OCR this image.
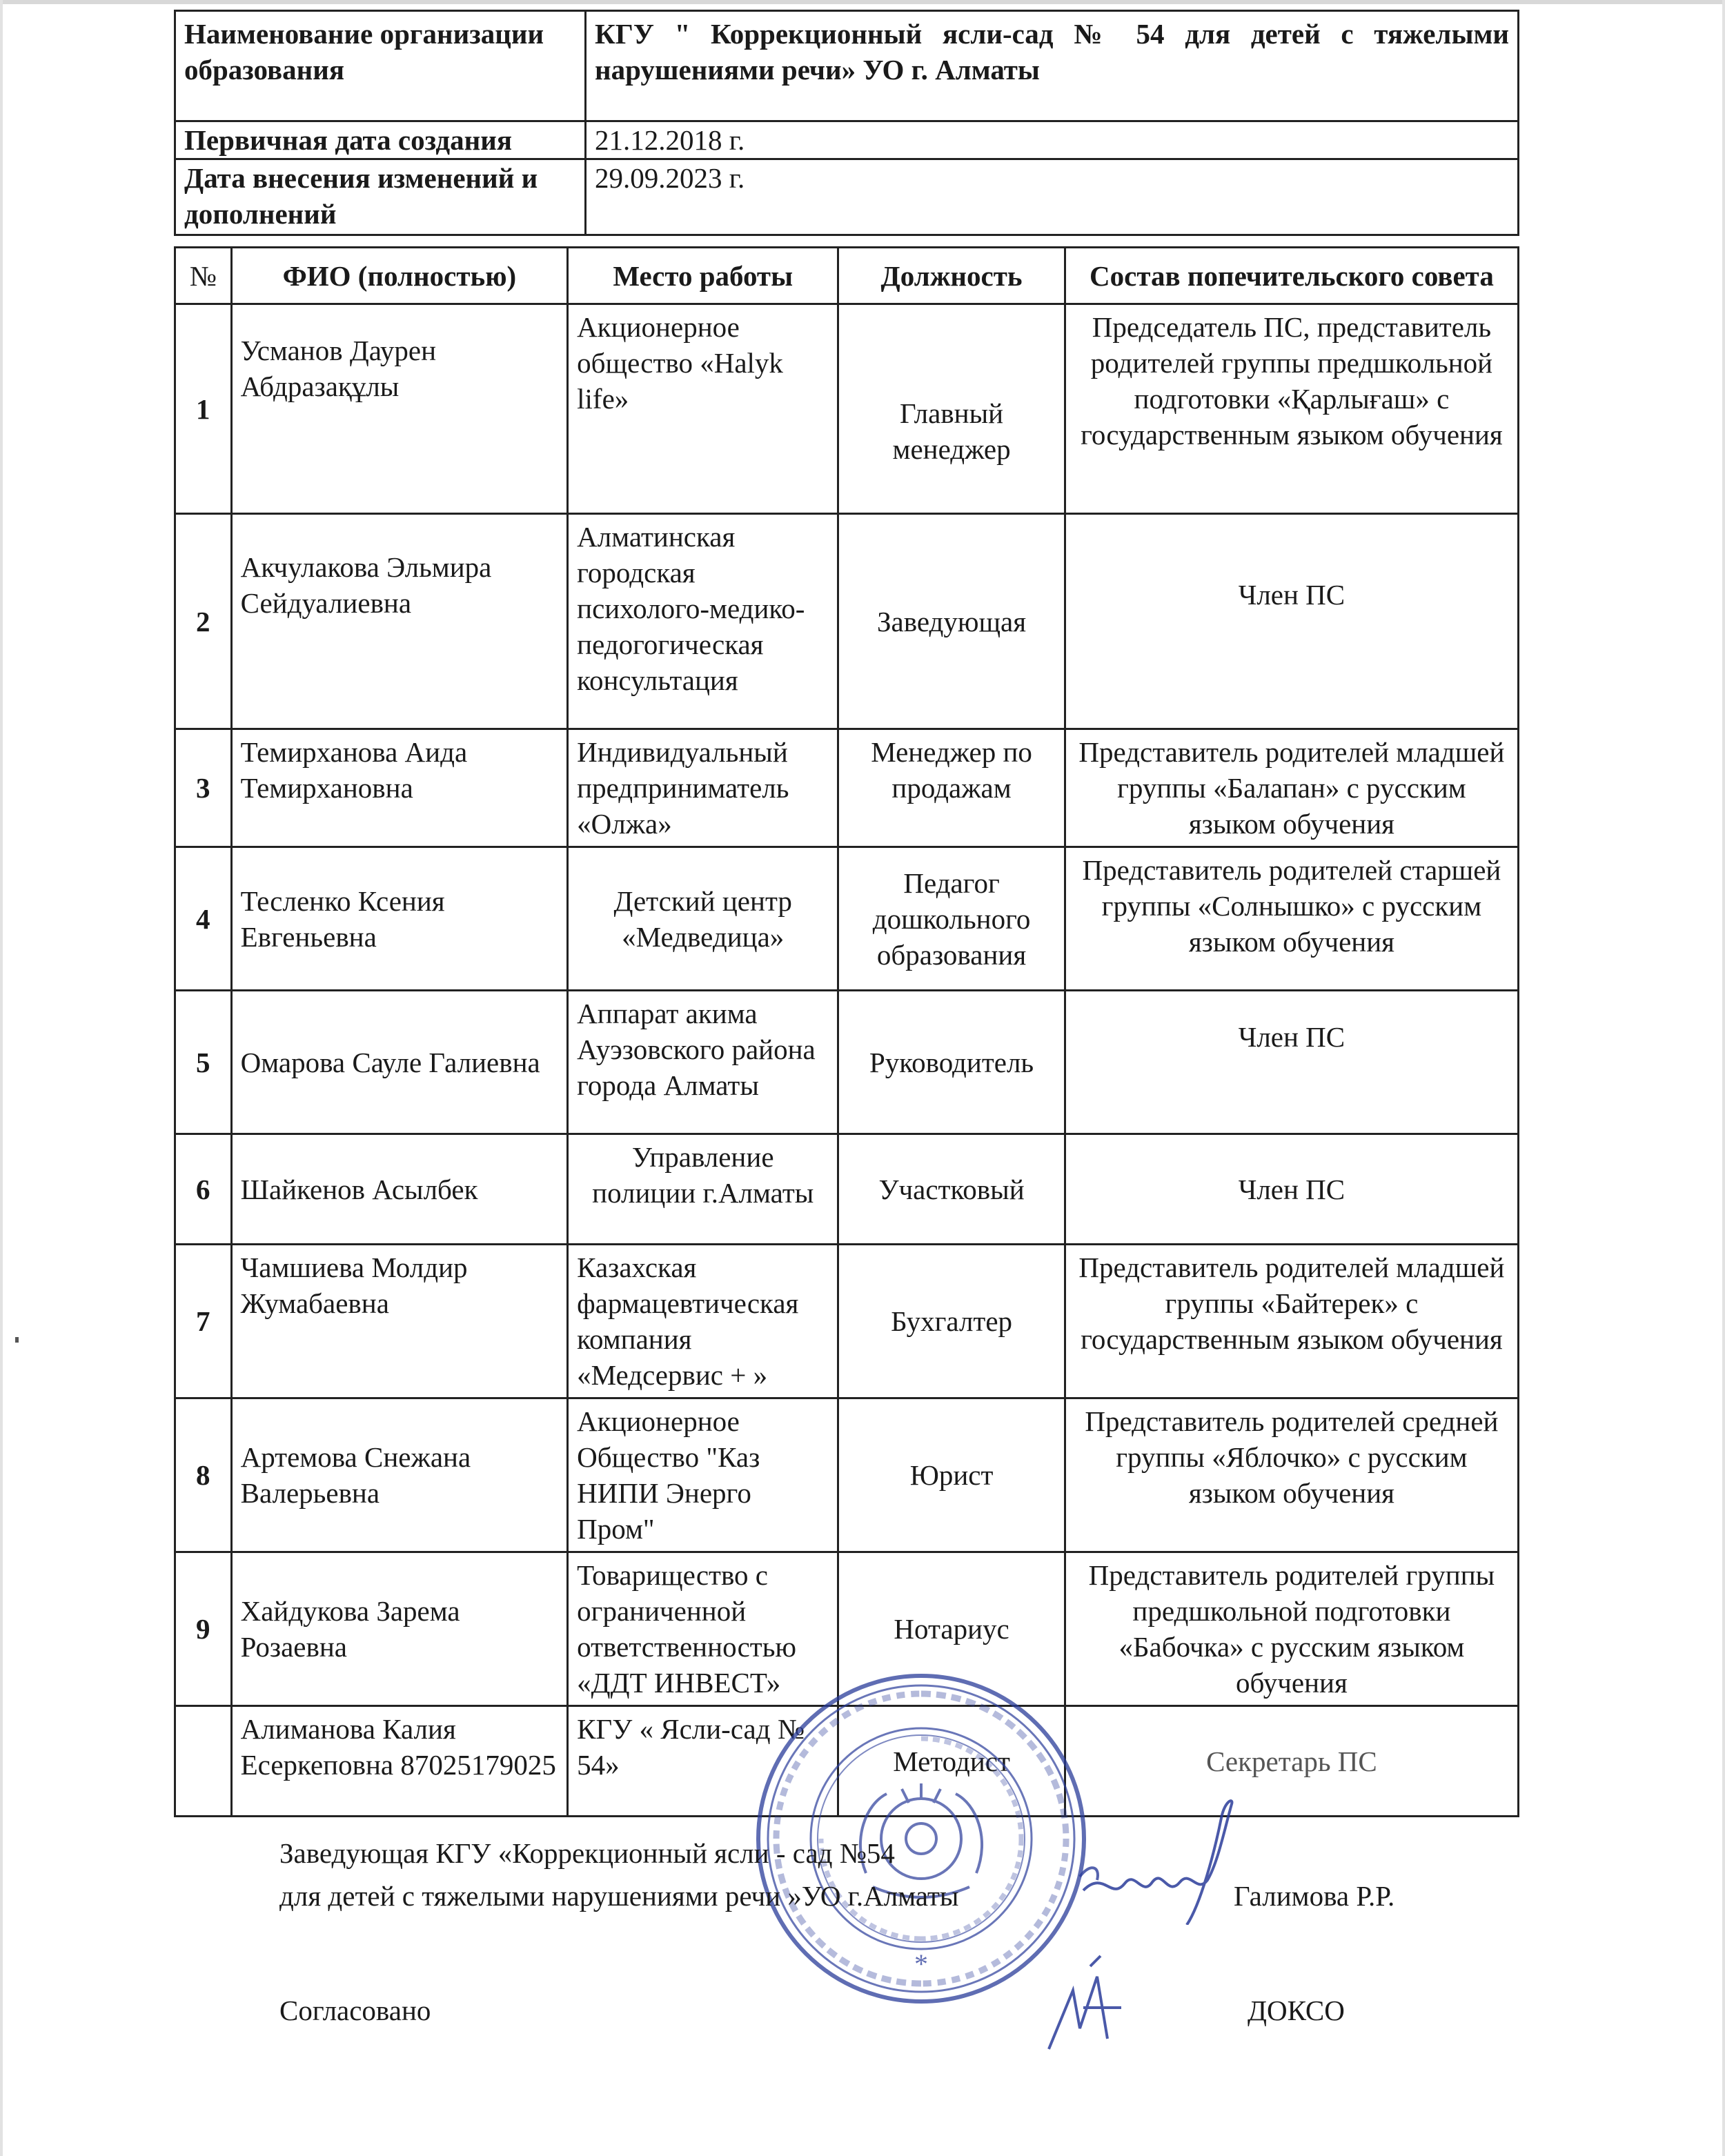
Наименование организации образования	КГУ " Коррекционный ясли-сад № 54 для детей с тяжелыми нарушениями речи» УО г. Алматы
Первичная дата создания	21.12.2018 г.
Дата внесения изменений и дополнений	29.09.2023 г.
№	ФИО (полностью)	Место работы	Должность	Состав попечительского совета
1	Усманов Даурен Абдразақұлы	Акционерное общество «Halyk life»	Главный менеджер	Председатель ПС, представитель родителей группы предшкольной подготовки «Қарлығаш» с государственным языком обучения
2	Акчулакова Эльмира Сейдуалиевна	Алматинская городская психолого-медико-педогогическая консультация	Заведующая	Член ПС
3	Темирханова Аида Темирхановна	Индивидуальный предприниматель «Олжа»	Менеджер по продажам	Представитель родителей младшей группы «Балапан» с русским языком обучения
4	Тесленко Ксения Евгеньевна	Детский центр «Медведица»	Педагог дошкольного образования	Представитель родителей старшей группы «Солнышко» с русским языком обучения
5	Омарова Сауле Галиевна	Аппарат акима Ауэзовского района города Алматы	Руководитель	Член ПС
6	Шайкенов Асылбек	Управление полиции г.Алматы	Участковый	Член ПС
7	Чамшиева Молдир Жумабаевна	Казахская фармацевтическая компания «Медсервис + »	Бухгалтер	Представитель родителей младшей группы «Байтерек» с государственным языком обучения
8	Артемова Снежана Валерьевна	Акционерное Общество "Каз НИПИ Энерго Пром"	Юрист	Представитель родителей средней группы «Яблочко» с русским языком обучения
9	Хайдукова Зарема Розаевна	Товарищество с ограниченной ответственностью «ДДТ ИНВЕСТ»	Нотариус	Представитель родителей группы предшкольной подготовки «Бабочка» с русским языком обучения
	Алиманова Калия Есеркеповна 87025179025	КГУ « Ясли-сад № 54»	Методист	Секретарь ПС
*
Заведующая КГУ «Коррекционный ясли - сад №54
для детей с тяжелыми нарушениями речи »УО г.Алматы	Галимова Р.Р.
Согласовано	ДОКСО
